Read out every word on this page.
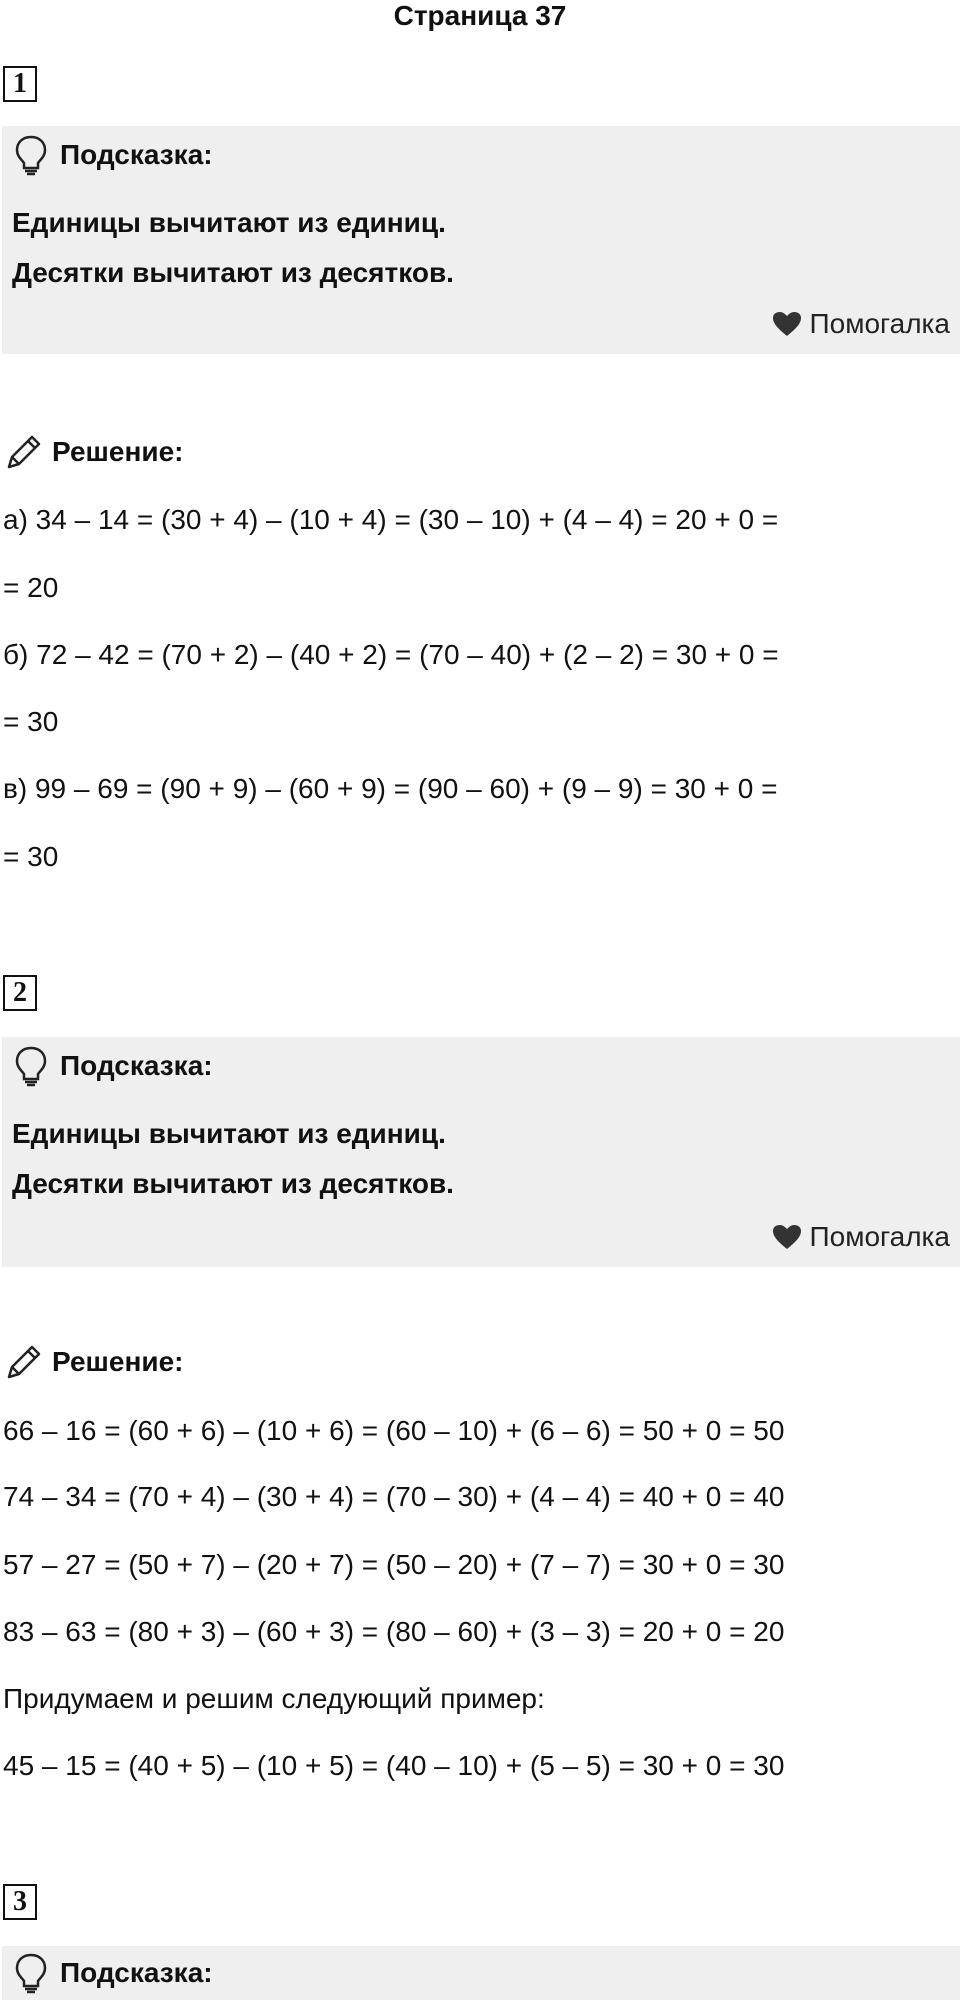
Страница 37
1
Подсказка:
Единицы вычитают из единиц.
Десятки вычитают из десятков.
Помогалка
Решение:
а) 34 – 14 = (30 + 4) – (10 + 4) = (30 – 10) + (4 – 4) = 20 + 0 =
= 20
б) 72 – 42 = (70 + 2) – (40 + 2) = (70 – 40) + (2 – 2) = 30 + 0 =
= 30
в) 99 – 69 = (90 + 9) – (60 + 9) = (90 – 60) + (9 – 9) = 30 + 0 =
= 30
2
Подсказка:
Единицы вычитают из единиц.
Десятки вычитают из десятков.
Помогалка
Решение:
66 – 16 = (60 + 6) – (10 + 6) = (60 – 10) + (6 – 6) = 50 + 0 = 50
74 – 34 = (70 + 4) – (30 + 4) = (70 – 30) + (4 – 4) = 40 + 0 = 40
57 – 27 = (50 + 7) – (20 + 7) = (50 – 20) + (7 – 7) = 30 + 0 = 30
83 – 63 = (80 + 3) – (60 + 3) = (80 – 60) + (3 – 3) = 20 + 0 = 20
Придумаем и решим следующий пример:
45 – 15 = (40 + 5) – (10 + 5) = (40 – 10) + (5 – 5) = 30 + 0 = 30
3
Подсказка:
